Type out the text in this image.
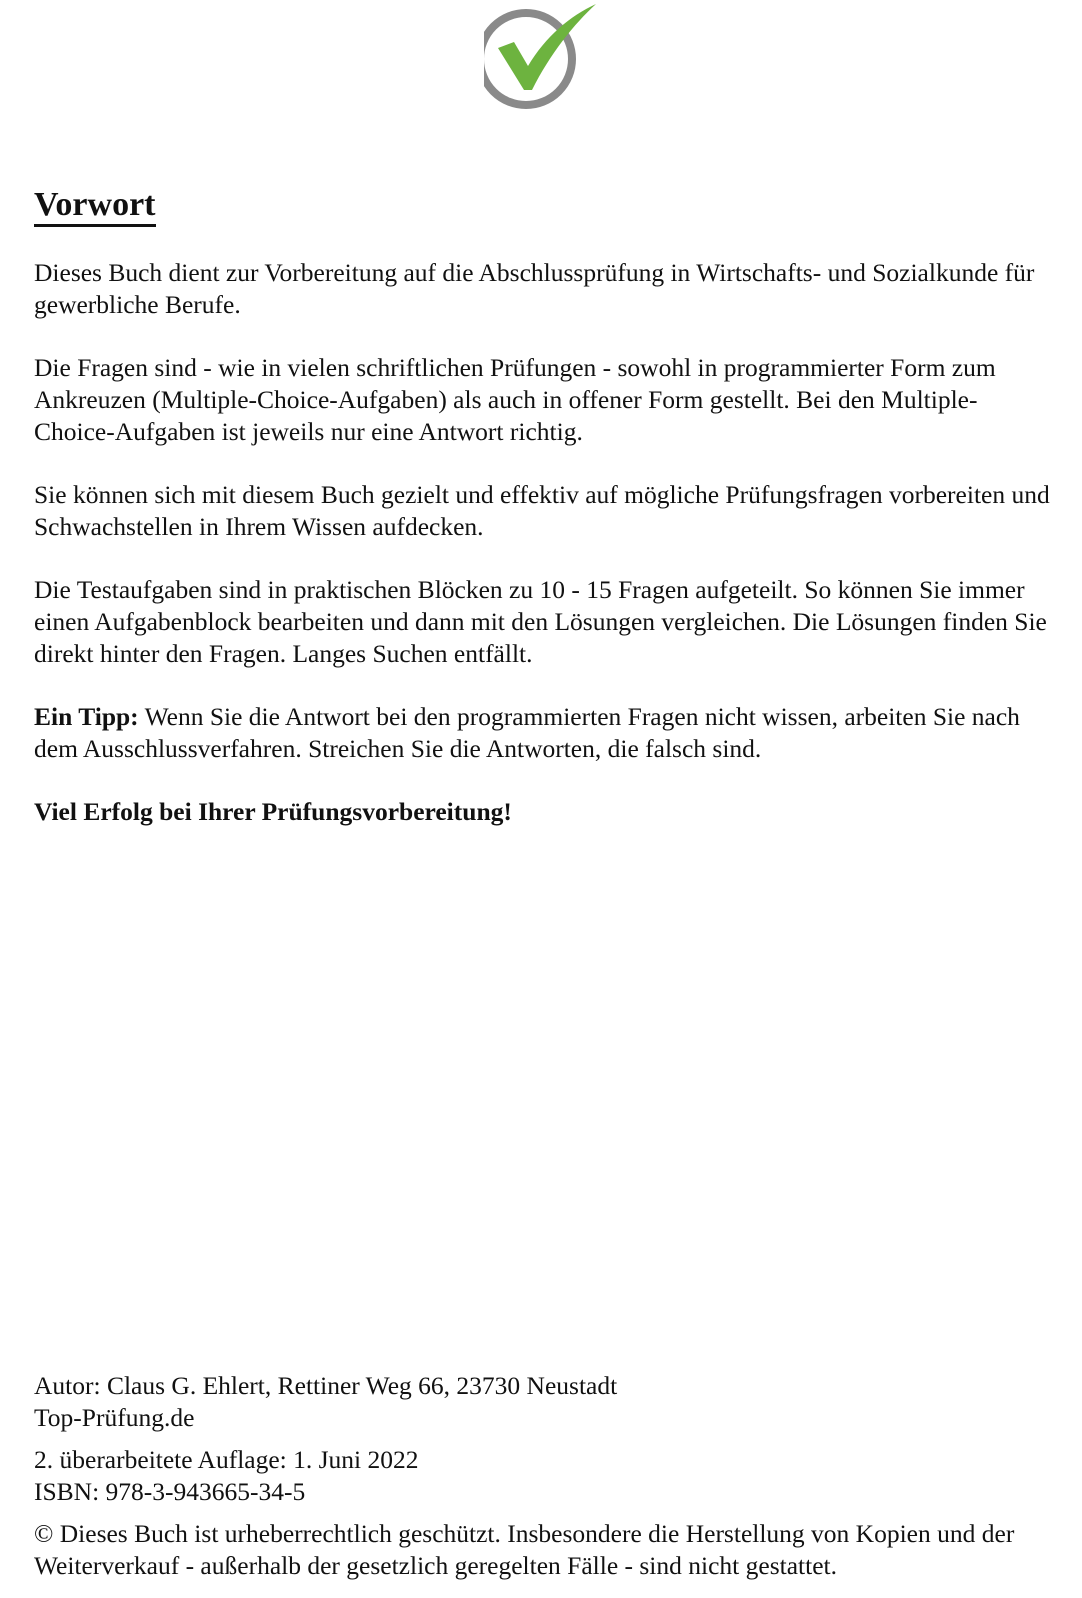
Vorwort

Dieses Buch dient zur Vorbereitung auf die Abschlussprüfung in Wirtschafts- und Sozialkunde für gewerbliche Berufe.

Die Fragen sind - wie in vielen schriftlichen Prüfungen - sowohl in programmierter Form zum Ankreuzen (Multiple-Choice-Aufgaben) als auch in offener Form gestellt. Bei den Multiple-Choice-Aufgaben ist jeweils nur eine Antwort richtig.

Sie können sich mit diesem Buch gezielt und effektiv auf mögliche Prüfungsfragen vorbereiten und Schwachstellen in Ihrem Wissen aufdecken.

Die Testaufgaben sind in praktischen Blöcken zu 10 - 15 Fragen aufgeteilt. So können Sie immer einen Aufgabenblock bearbeiten und dann mit den Lösungen vergleichen. Die Lösungen finden Sie direkt hinter den Fragen. Langes Suchen entfällt.

Ein Tipp: Wenn Sie die Antwort bei den programmierten Fragen nicht wissen, arbeiten Sie nach dem Ausschlussverfahren. Streichen Sie die Antworten, die falsch sind.

Viel Erfolg bei Ihrer Prüfungsvorbereitung!

Autor: Claus G. Ehlert, Rettiner Weg 66, 23730 Neustadt
Top-Prüfung.de
2. überarbeitete Auflage: 1. Juni 2022
ISBN: 978-3-943665-34-5
© Dieses Buch ist urheberrechtlich geschützt. Insbesondere die Herstellung von Kopien und der Weiterverkauf - außerhalb der gesetzlich geregelten Fälle - sind nicht gestattet.
